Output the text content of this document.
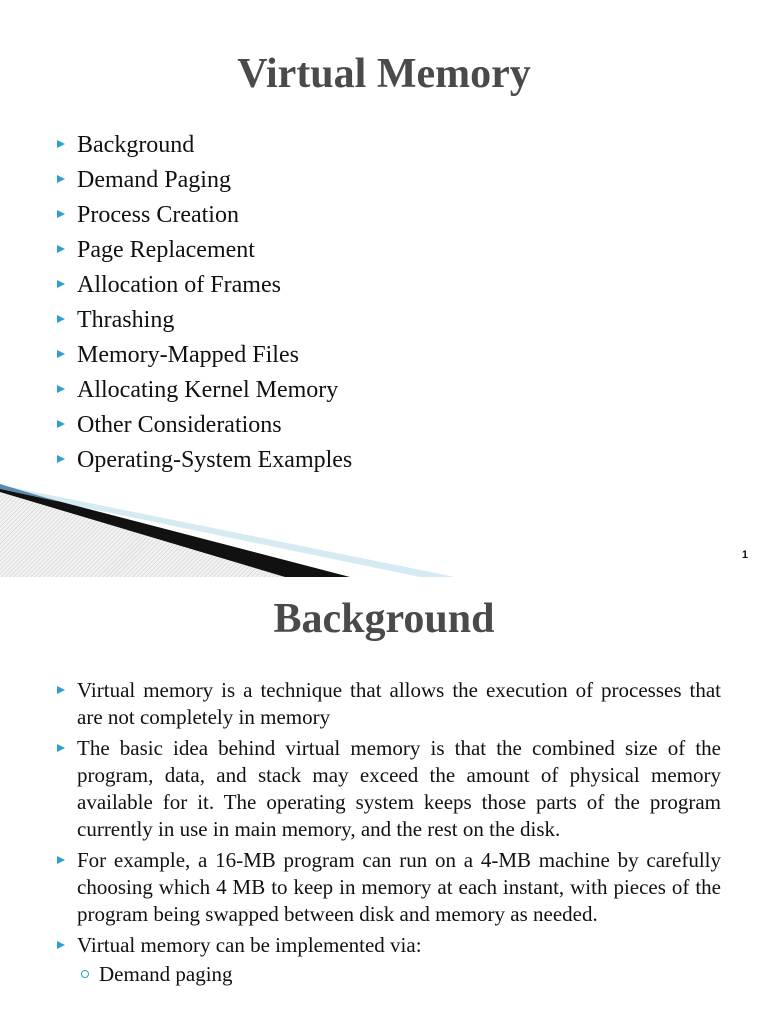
Virtual Memory
Background
Demand Paging
Process Creation
Page Replacement
Allocation of Frames
Thrashing
Memory-Mapped Files
Allocating Kernel Memory
Other Considerations
Operating-System Examples
1
Background
Virtual memory is a technique that allows the execution of processes that are not completely in memory
The basic idea behind virtual memory is that the combined size of the program, data, and stack may exceed the amount of physical memory available for it. The operating system keeps those parts of the program currently in use in main memory, and the rest on the disk.
For example, a 16-MB program can run on a 4-MB machine by carefully choosing which 4 MB to keep in memory at each instant, with pieces of the program being swapped between disk and memory as needed.
Virtual memory can be implemented via:
Demand paging
